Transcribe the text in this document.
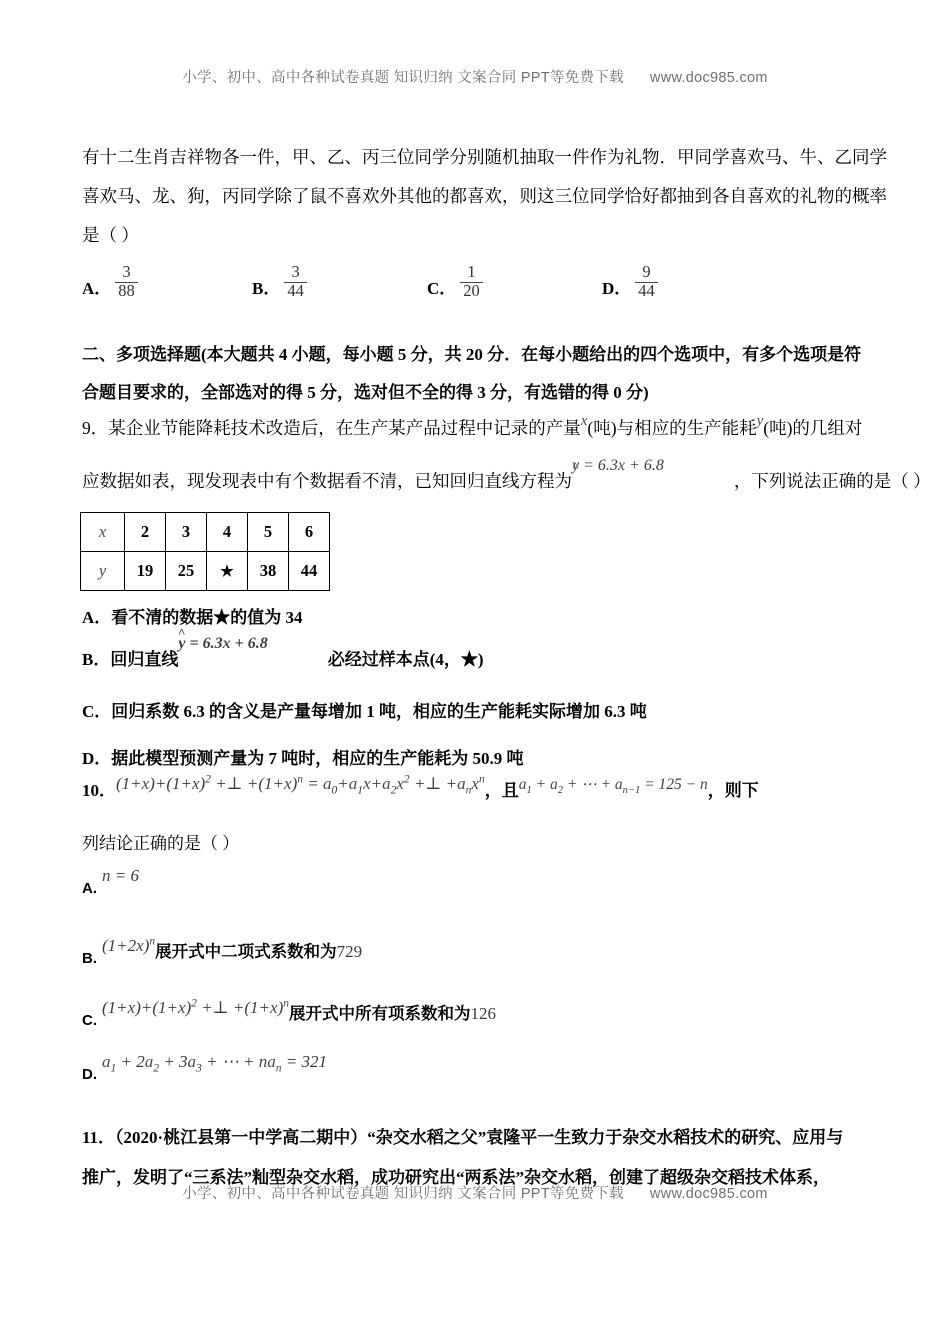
小学、初中、高中各种试卷真题 知识归纳 文案合同 PPT等免费下载 www.doc985.com

有十二生肖吉祥物各一件，甲、乙、丙三位同学分别随机抽取一件作为礼物．甲同学喜欢马、牛、乙同学

喜欢马、龙、狗，丙同学除了鼠不喜欢外其他的都喜欢，则这三位同学恰好都抽到各自喜欢的礼物的概率

是（ ）

A． $\frac{3}{88}$	B． $\frac{3}{44}$	C． $\frac{1}{20}$	D． $\frac{9}{44}$

二、多项选择题(本大题共 4 小题，每小题 5 分，共 20 分．在每小题给出的四个选项中，有多个选项是符

合题目要求的，全部选对的得 5 分，选对但不全的得 3 分，有选错的得 0 分)

9．某企业节能降耗技术改造后，在生产某产品过程中记录的产量x(吨)与相应的生产能耗y(吨)的几组对
应数据如表，现发现表中有个数据看不清，已知回归直线方程为y ^ = 6.3x + 6.8，下列说法正确的是（ ）
x	2	3	4	5	6
y	19	25	★	38	44
A．看不清的数据★的值为 34
B．回归直线y ^ = 6.3x + 6.8必经过样本点(4，★)
C．回归系数 6.3 的含义是产量每增加 1 吨，相应的生产能耗实际增加 6.3 吨
D．据此模型预测产量为 7 吨时，相应的生产能耗为 50.9 吨
10．$(1+x)+(1+x)^2$ +⊥ $+(1+x)^n = a_0+a_1x+a_2x^2$ +⊥ $+a_nx^n$，且$a_1 + a_2$ + ⋯ + $a_{n-1} = 125 - n$，则下
列结论正确的是（ ）
A.n = 6
$B.(1+2x)^n$展开式中二项式系数和为729
$C.(1+x)+(1+x)^2$ +⊥ $+(1+x)^n$展开式中所有项系数和为126
$D.a_1 + 2a_2 + 3a_3$ + ⋯ + $na_n = 321$

11．（2020·桃江县第一中学高二期中）“杂交水稻之父”袁隆平一生致力于杂交水稻技术的研究、应用与

推广，发明了“三系法”籼型杂交水稻，成功研究出“两系法”杂交水稻，创建了超级杂交稻技术体系，

小学、初中、高中各种试卷真题 知识归纳 文案合同 PPT等免费下载 www.doc985.com
